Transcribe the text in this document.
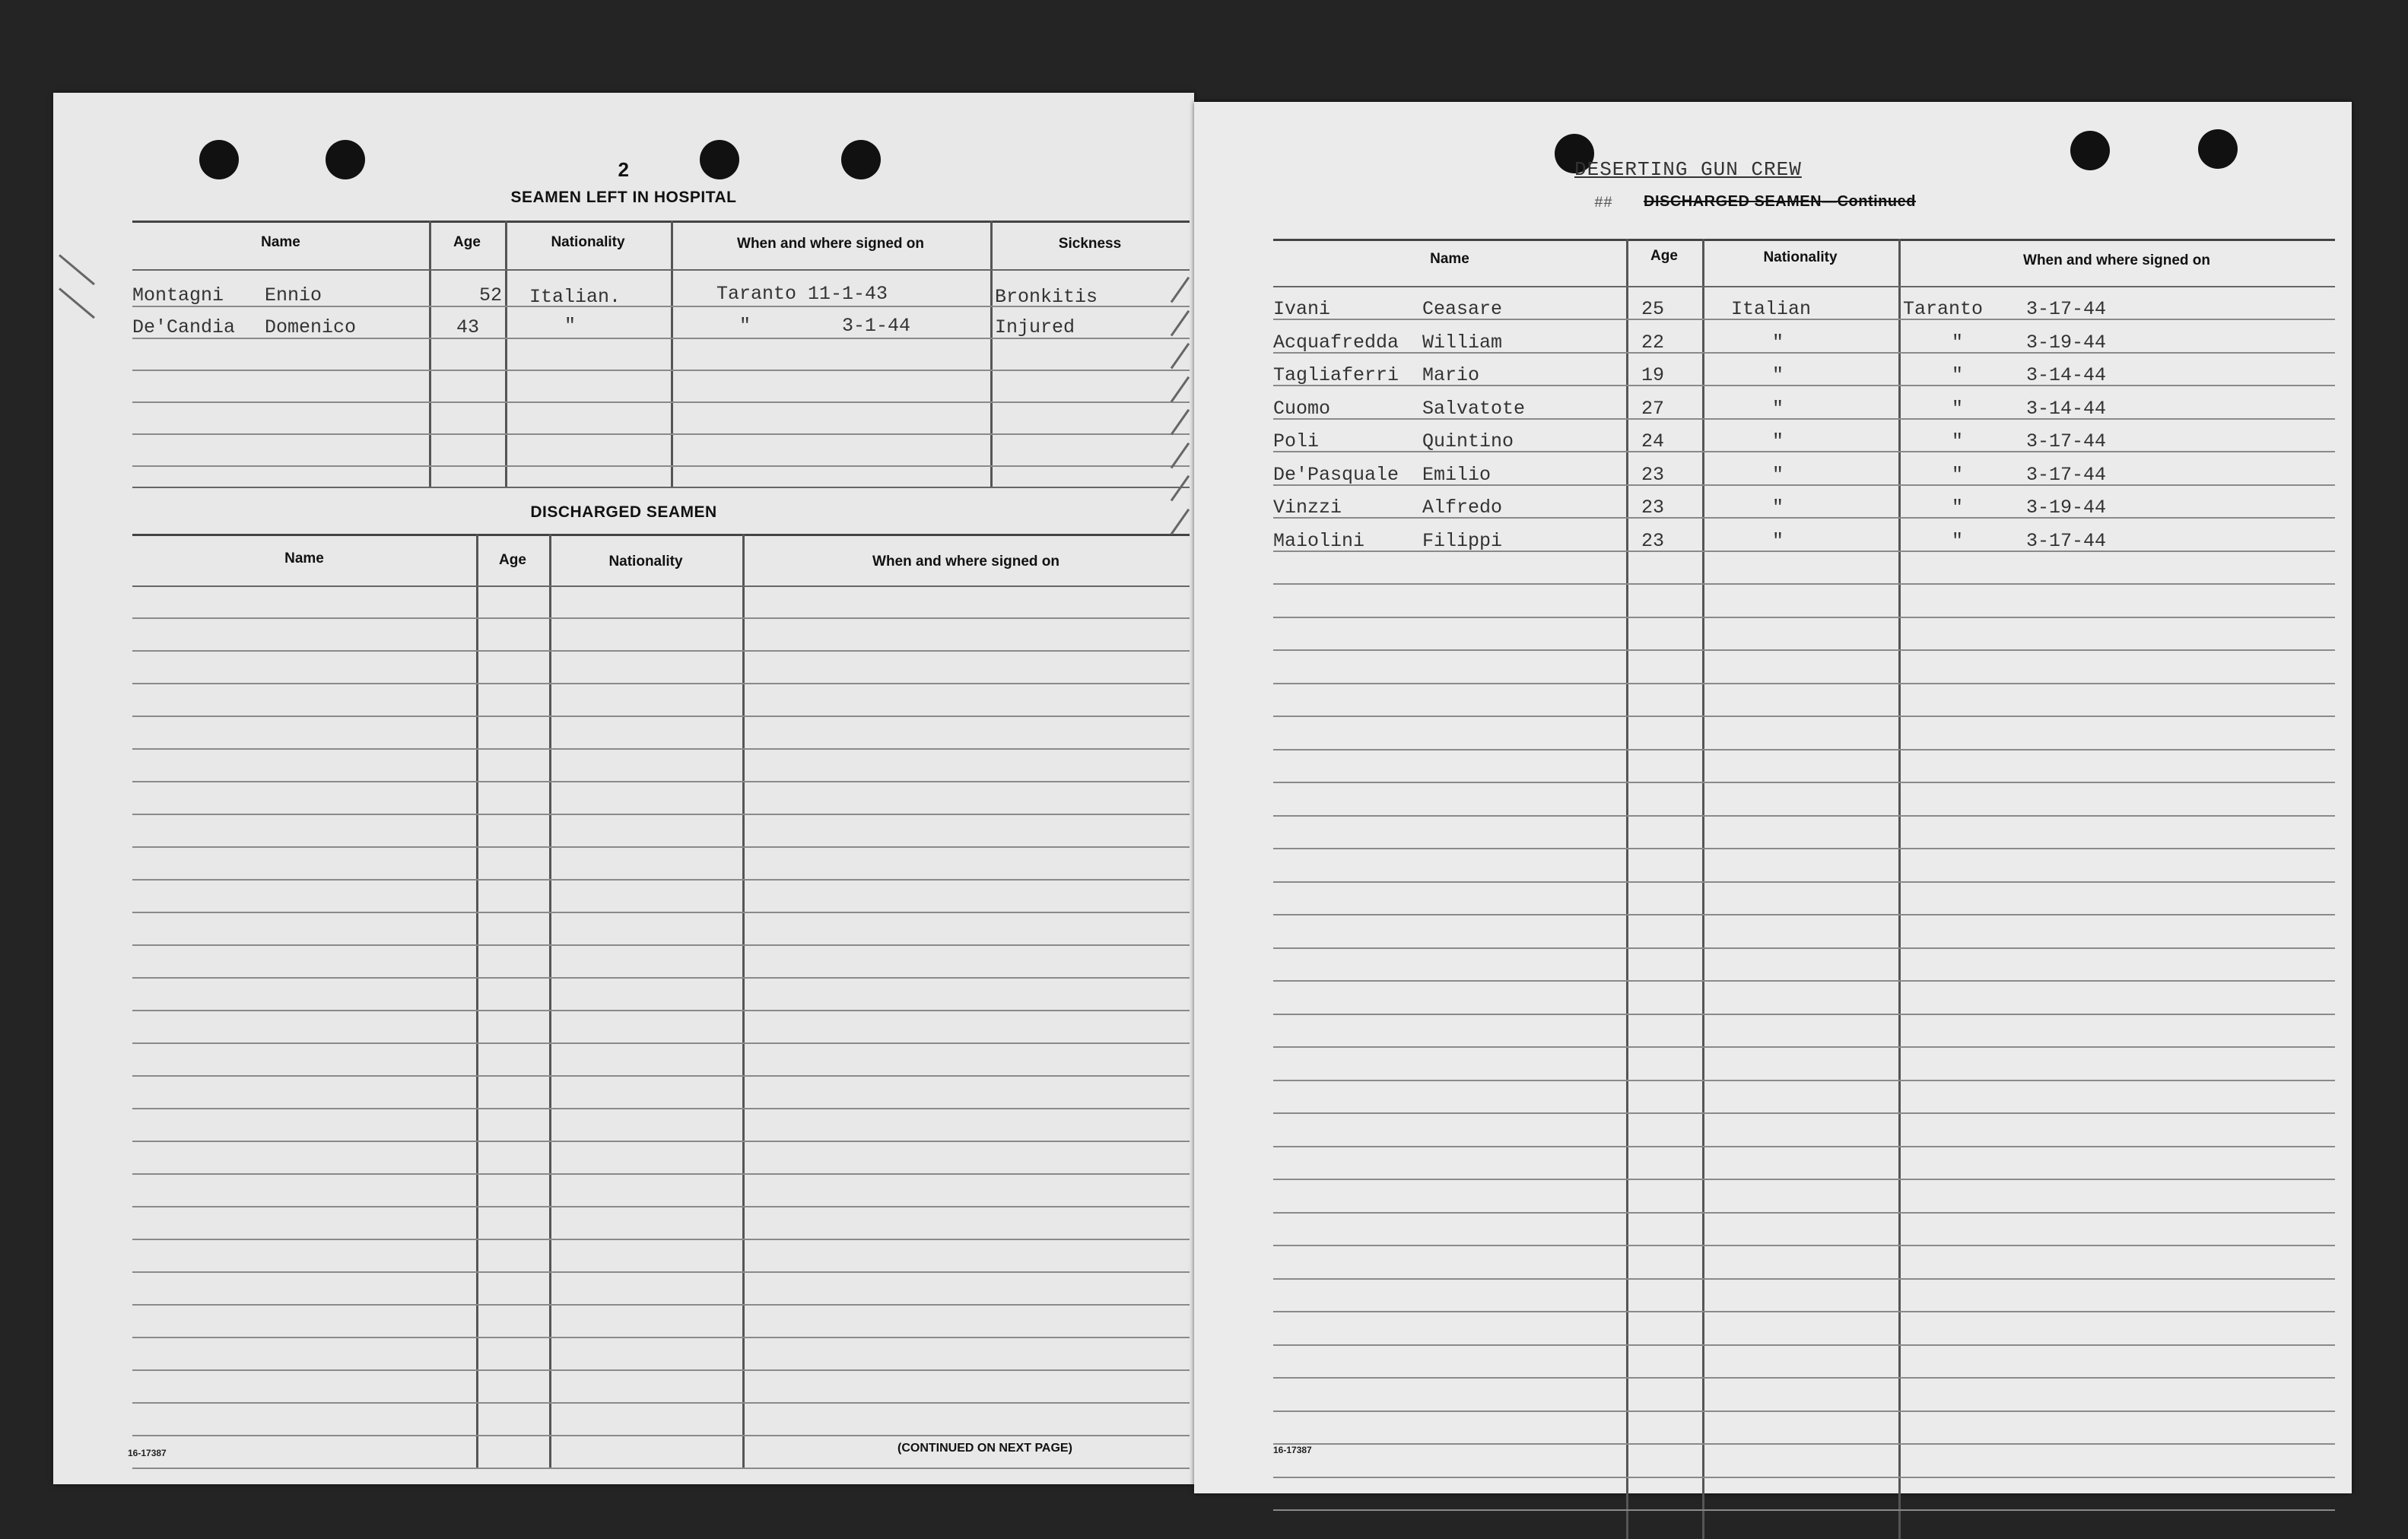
2
SEAMEN LEFT IN HOSPITAL
Name	Age	Nationality	When and where signed on	Sickness
Montagni Ennio	52 Italian.	Taranto 11-1-43	Bronkitis
De'Candia Domenico	43	"	"        3-1-44	Injured
DISCHARGED SEAMEN
Name	Age	Nationality	When and where signed on
16-17387	(CONTINUED ON NEXT PAGE)
DESERTING GUN CREW
##	DISCHARGED SEAMEN—Continued
Name	Age	Nationality	When and where signed on
Ivani	Ceasare	25	Italian	Taranto 3-17-44
Acquafredda William	22	"	"	3-19-44
Tagliaferri Mario	19	"	"	3-14-44
Cuomo	Salvatote	27	"	"	3-14-44
Poli	Quintino	24	"	"	3-17-44
De'Pasquale Emilio	23	"	"	3-17-44
Vinzzi	Alfredo	23	"	"	3-19-44
Maiolini	Filippi	23	"	"	3-17-44
16-17387
